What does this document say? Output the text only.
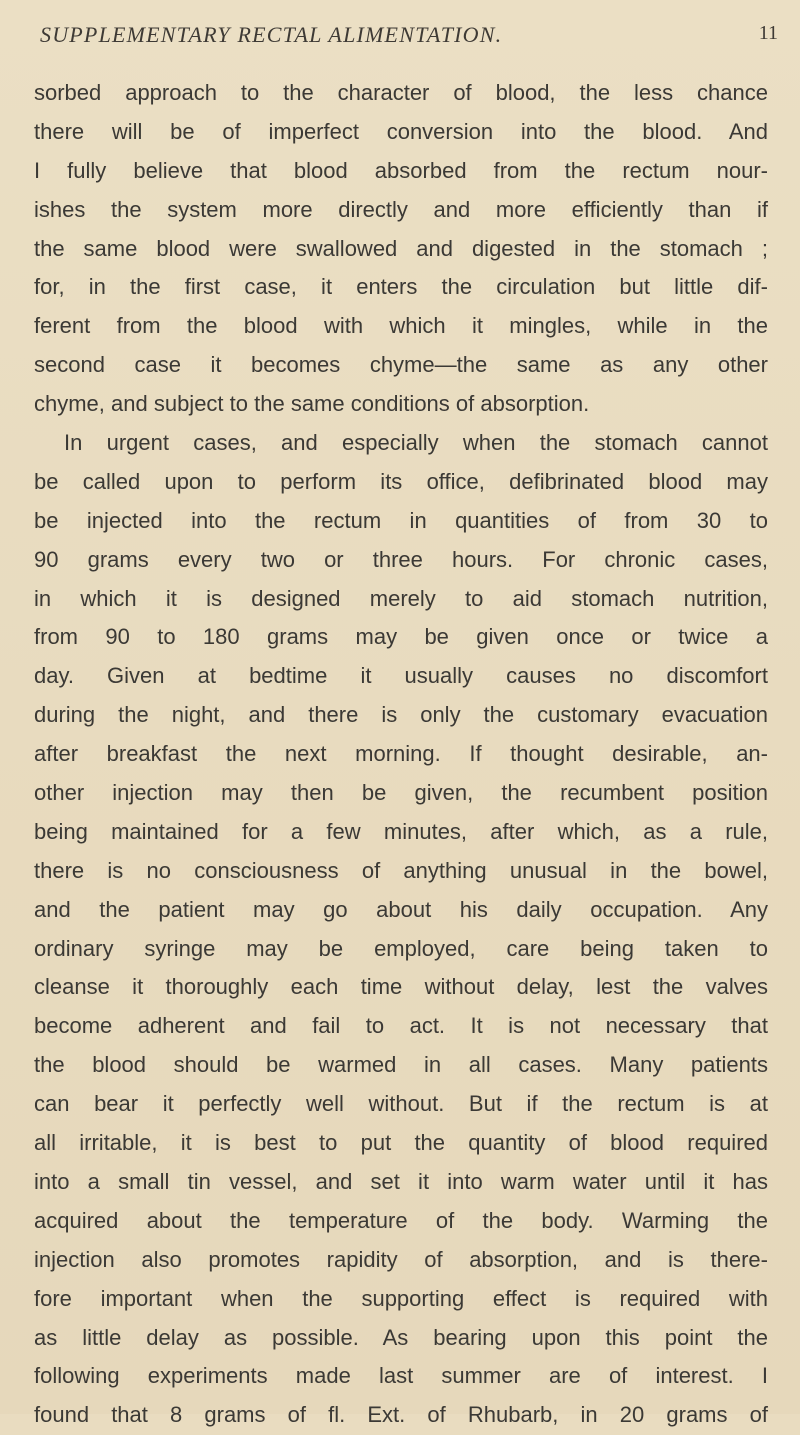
SUPPLEMENTARY RECTAL ALIMENTATION.	11
sorbed approach to the character of blood, the less chance
there will be of imperfect conversion into the blood. And
I fully believe that blood absorbed from the rectum nour-
ishes the system more directly and more efficiently than if
the same blood were swallowed and digested in the stomach ;
for, in the first case, it enters the circulation but little dif-
ferent from the blood with which it mingles, while in the
second case it becomes chyme—the same as any other
chyme, and subject to the same conditions of absorption.
In urgent cases, and especially when the stomach cannot
be called upon to perform its office, defibrinated blood may
be injected into the rectum in quantities of from 30 to
90 grams every two or three hours. For chronic cases,
in which it is designed merely to aid stomach nutrition,
from 90 to 180 grams may be given once or twice a
day. Given at bedtime it usually causes no discomfort
during the night, and there is only the customary evacuation
after breakfast the next morning. If thought desirable, an-
other injection may then be given, the recumbent position
being maintained for a few minutes, after which, as a rule,
there is no consciousness of anything unusual in the bowel,
and the patient may go about his daily occupation. Any
ordinary syringe may be employed, care being taken to
cleanse it thoroughly each time without delay, lest the valves
become adherent and fail to act. It is not necessary that
the blood should be warmed in all cases. Many patients
can bear it perfectly well without. But if the rectum is at
all irritable, it is best to put the quantity of blood required
into a small tin vessel, and set it into warm water until it has
acquired about the temperature of the body. Warming the
injection also promotes rapidity of absorption, and is there-
fore important when the supporting effect is required with
as little delay as possible. As bearing upon this point the
following experiments made last summer are of interest. I
found that 8 grams of fl. Ext. of Rhubarb, in 20 grams of
